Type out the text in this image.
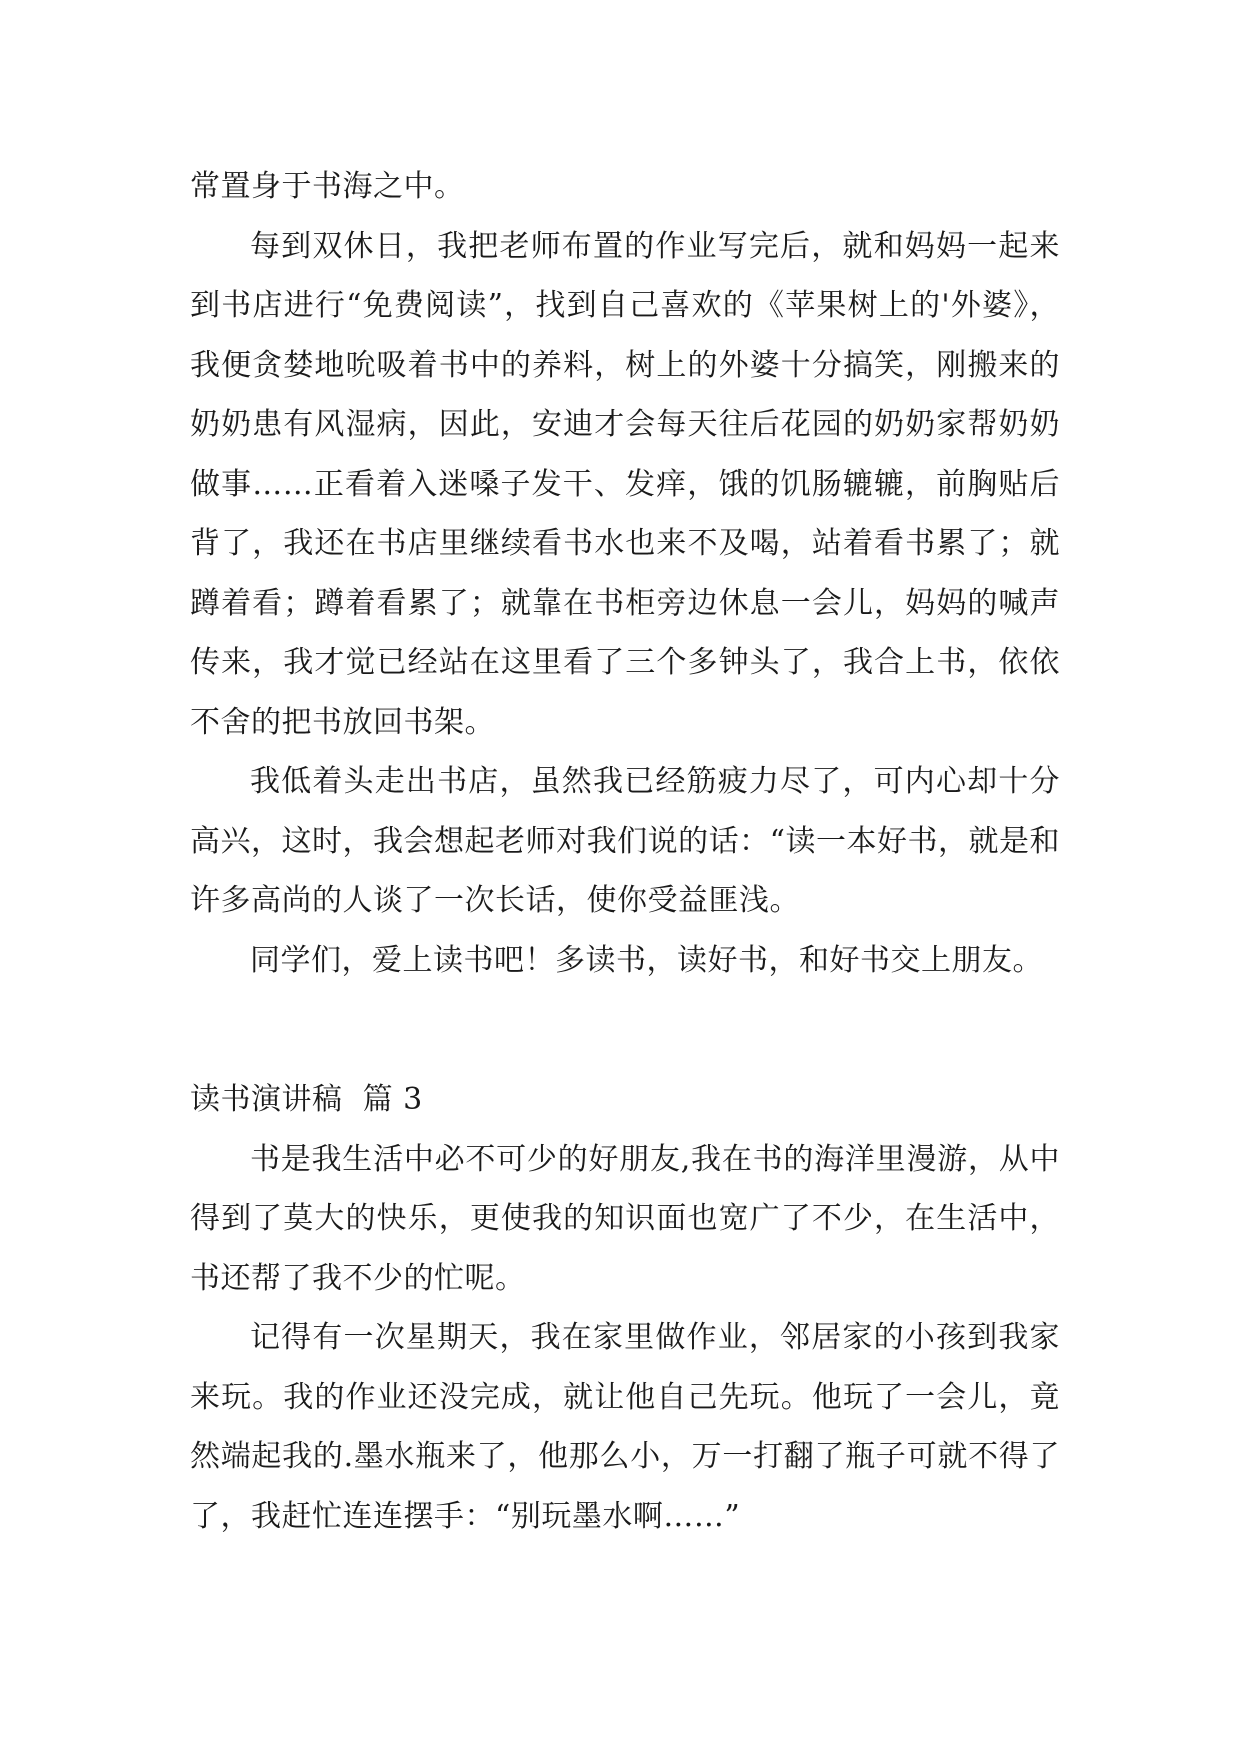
常置身于书海之中。

每到双休日，我把老师布置的作业写完后，就和妈妈一起来到书店进行“免费阅读”，找到自己喜欢的《苹果树上的'外婆》，我便贪婪地吮吸着书中的养料，树上的外婆十分搞笑，刚搬来的奶奶患有风湿病，因此，安迪才会每天往后花园的奶奶家帮奶奶做事……正看着入迷嗓子发干、发痒，饿的饥肠辘辘，前胸贴后背了，我还在书店里继续看书水也来不及喝，站着看书累了；就蹲着看；蹲着看累了；就靠在书柜旁边休息一会儿，妈妈的喊声传来，我才觉已经站在这里看了三个多钟头了，我合上书，依依不舍的把书放回书架。

我低着头走出书店，虽然我已经筋疲力尽了，可内心却十分高兴，这时，我会想起老师对我们说的话：“读一本好书，就是和许多高尚的人谈了一次长话，使你受益匪浅。

同学们，爱上读书吧！多读书，读好书，和好书交上朋友。

读书演讲稿  篇 3

书是我生活中必不可少的好朋友,我在书的海洋里漫游，从中得到了莫大的快乐，更使我的知识面也宽广了不少，在生活中，书还帮了我不少的忙呢。

记得有一次星期天，我在家里做作业，邻居家的小孩到我家来玩。我的作业还没完成，就让他自己先玩。他玩了一会儿，竟然端起我的.墨水瓶来了，他那么小，万一打翻了瓶子可就不得了了，我赶忙连连摆手：“别玩墨水啊……”
